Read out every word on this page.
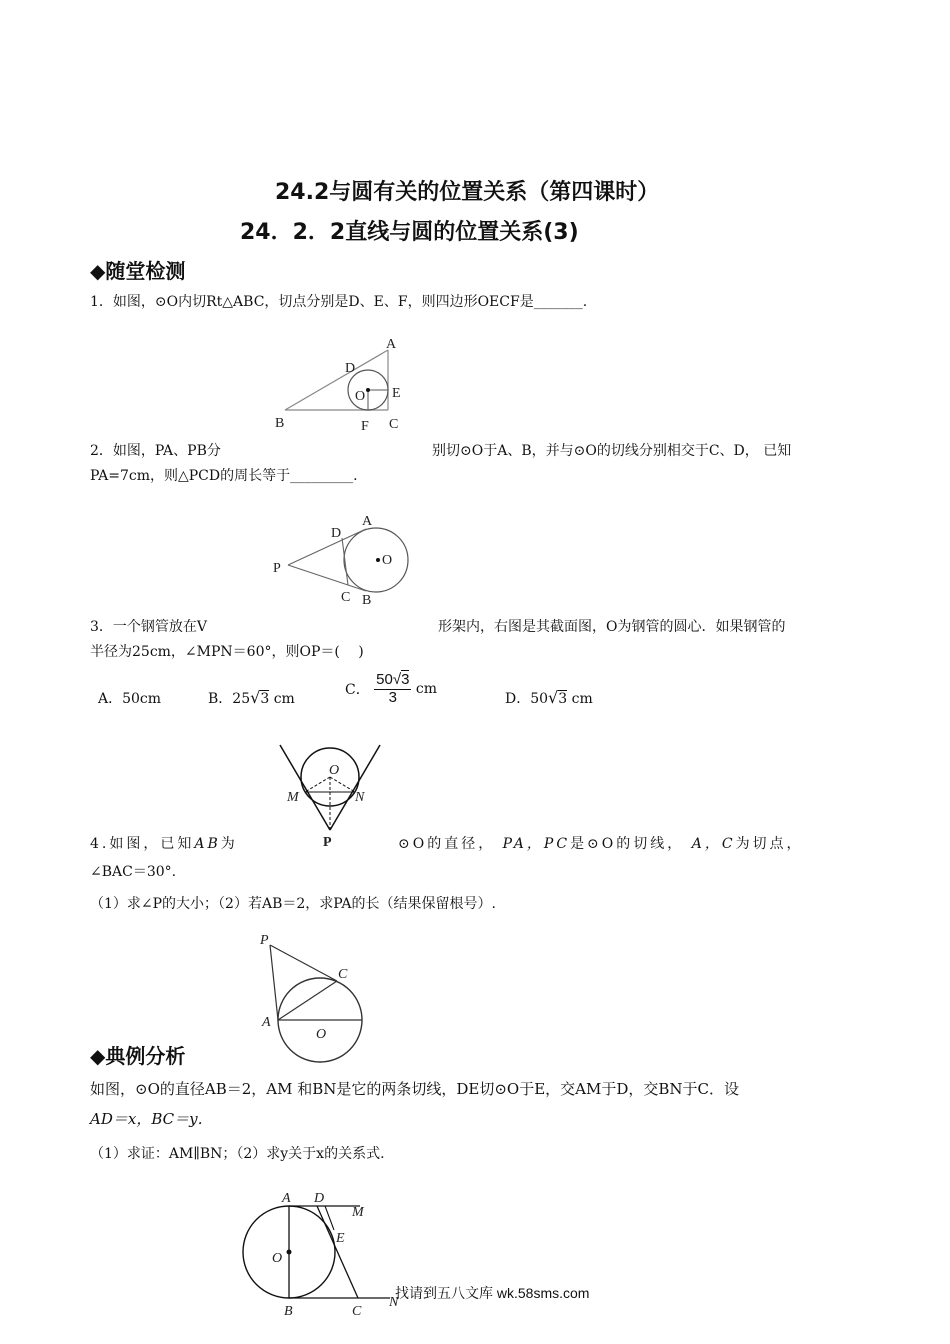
24.2与圆有关的位置关系（第四课时）
24．2．2直线与圆的位置关系(3)
◆随堂检测
1．如图，⊙O内切Rt△ABC，切点分别是D、E、F，则四边形OECF是_______.
A
B	C
D
E
F
O
2．如图，PA、PB分	别切⊙O于A、B，并与⊙O的切线分别相交于C、D， 已知
PA=7cm，则△PCD的周长等于_________.
A
B
C
D
P
O
3．一个钢管放在V	形架内，右图是其截面图，O为钢管的圆心．如果钢管的
半径为25cm，∠MPN＝60°，则OP＝(　 )
A．50cm	B．25√3 cm
C． $\frac{50√3}{3}$ cm
D．50√3 cm
O
M	N
P
4.如图，已知AB为	⊙O的直径， PA，PC是⊙O的切线， A，C为切点，
∠BAC＝30°.
（1）求∠P的大小；（2）若AB＝2，求PA的长（结果保留根号）.
P
C
A
O
◆典例分析
如图，⊙O的直径AB＝2，AM 和BN是它的两条切线，DE切⊙O于E，交AM于D，交BN于C．设
AD＝x，BC＝y．
（1）求证：AM∥BN；（2）求y关于x的关系式.
A D
M
E
O
B	C
N
找请到五八文库 wk.58sms.com
